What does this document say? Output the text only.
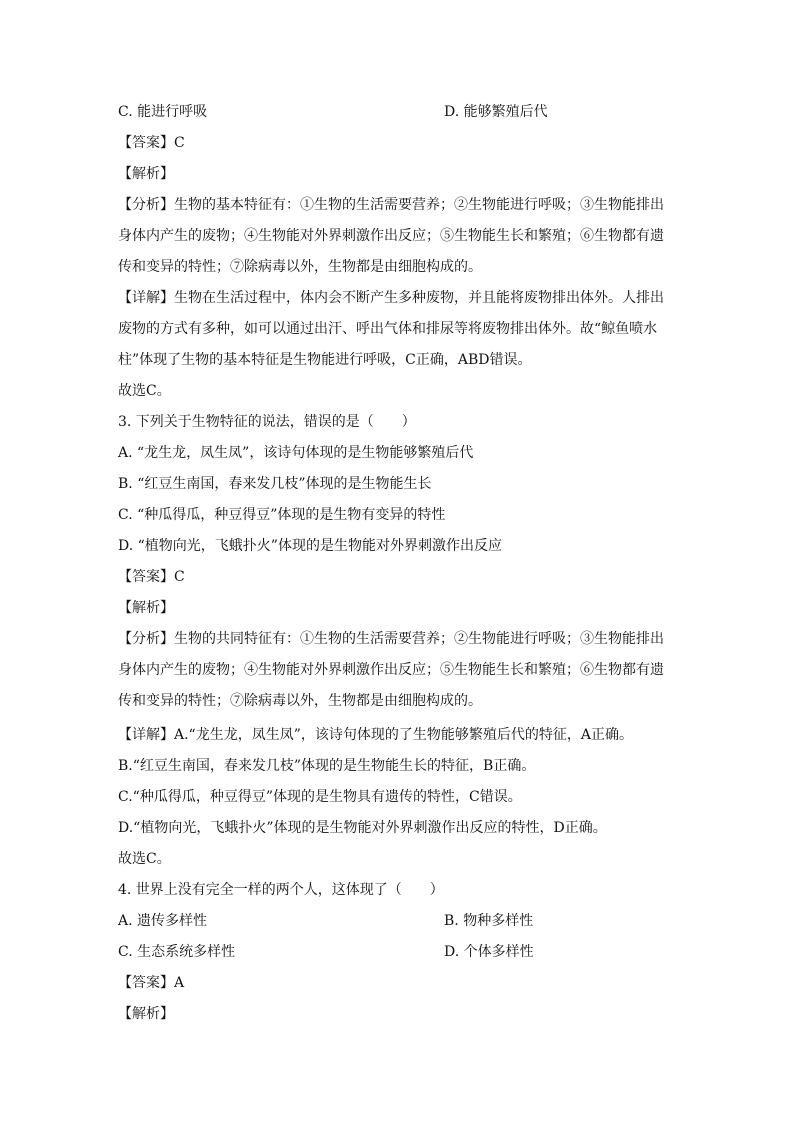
C. 能进行呼吸	D. 能够繁殖后代
【答案】C
【解析】
【分析】生物的基本特征有：①生物的生活需要营养；②生物能进行呼吸；③生物能排出
身体内产生的废物；④生物能对外界刺激作出反应；⑤生物能生长和繁殖；⑥生物都有遗
传和变异的特性；⑦除病毒以外，生物都是由细胞构成的。
【详解】生物在生活过程中，体内会不断产生多种废物，并且能将废物排出体外。人排出
废物的方式有多种，如可以通过出汗、呼出气体和排尿等将废物排出体外。故“鲸鱼喷水
柱”体现了生物的基本特征是生物能进行呼吸，C正确，ABD错误。
故选C。
3. 下列关于生物特征的说法，错误的是（　　）
A. “龙生龙，凤生凤”，该诗句体现的是生物能够繁殖后代
B. “红豆生南国，春来发几枝”体现的是生物能生长
C. “种瓜得瓜，种豆得豆”体现的是生物有变异的特性
D. “植物向光，飞蛾扑火”体现的是生物能对外界刺激作出反应
【答案】C
【解析】
【分析】生物的共同特征有：①生物的生活需要营养；②生物能进行呼吸；③生物能排出
身体内产生的废物；④生物能对外界刺激作出反应；⑤生物能生长和繁殖；⑥生物都有遗
传和变异的特性；⑦除病毒以外，生物都是由细胞构成的。
【详解】A.“龙生龙，凤生凤”，该诗句体现的了生物能够繁殖后代的特征，A正确。
B.“红豆生南国，春来发几枝”体现的是生物能生长的特征，B正确。
C.“种瓜得瓜，种豆得豆”体现的是生物具有遗传的特性，C错误。
D.“植物向光，飞蛾扑火”体现的是生物能对外界刺激作出反应的特性，D正确。
故选C。
4. 世界上没有完全一样的两个人，这体现了（　　）
A. 遗传多样性	B. 物种多样性
C. 生态系统多样性	D. 个体多样性
【答案】A
【解析】
